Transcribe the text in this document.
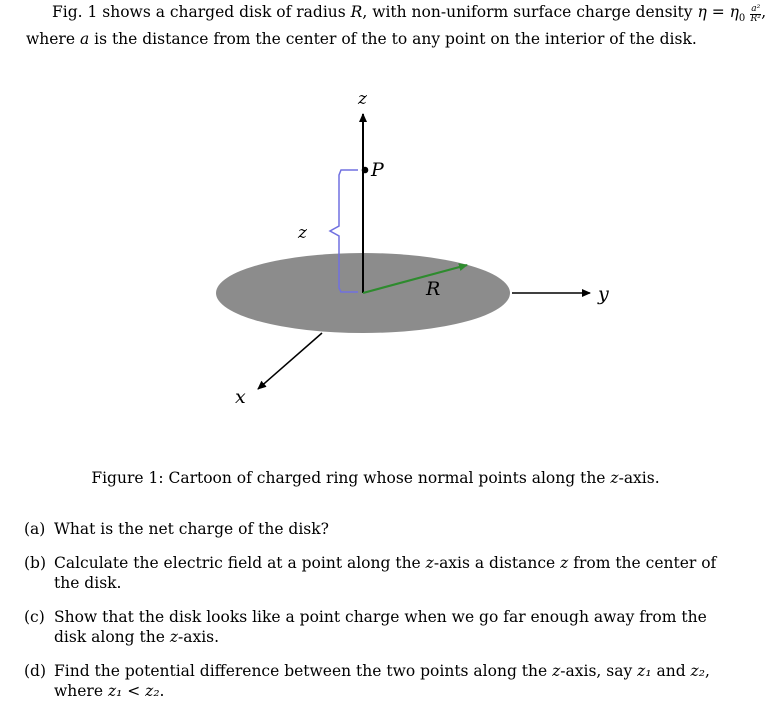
Fig. 1 shows a charged disk of radius R, with non-uniform surface charge density $\eta = \eta_0 \frac{\text{a²}}{\text{R²}}$ ,
where a is the distance from the center of the to any point on the interior of the disk.
z
P
z
R	y
x
Figure 1: Cartoon of charged ring whose normal points along the z-axis.
(a) What is the net charge of the disk?
(b) Calculate the electric field at a point along the z-axis a distance z from the center of the disk.
(c) Show that the disk looks like a point charge when we go far enough away from the disk along the z-axis.
(d) Find the potential difference between the two points along the z-axis, say z₁ and z₂, where z₁ < z₂.
